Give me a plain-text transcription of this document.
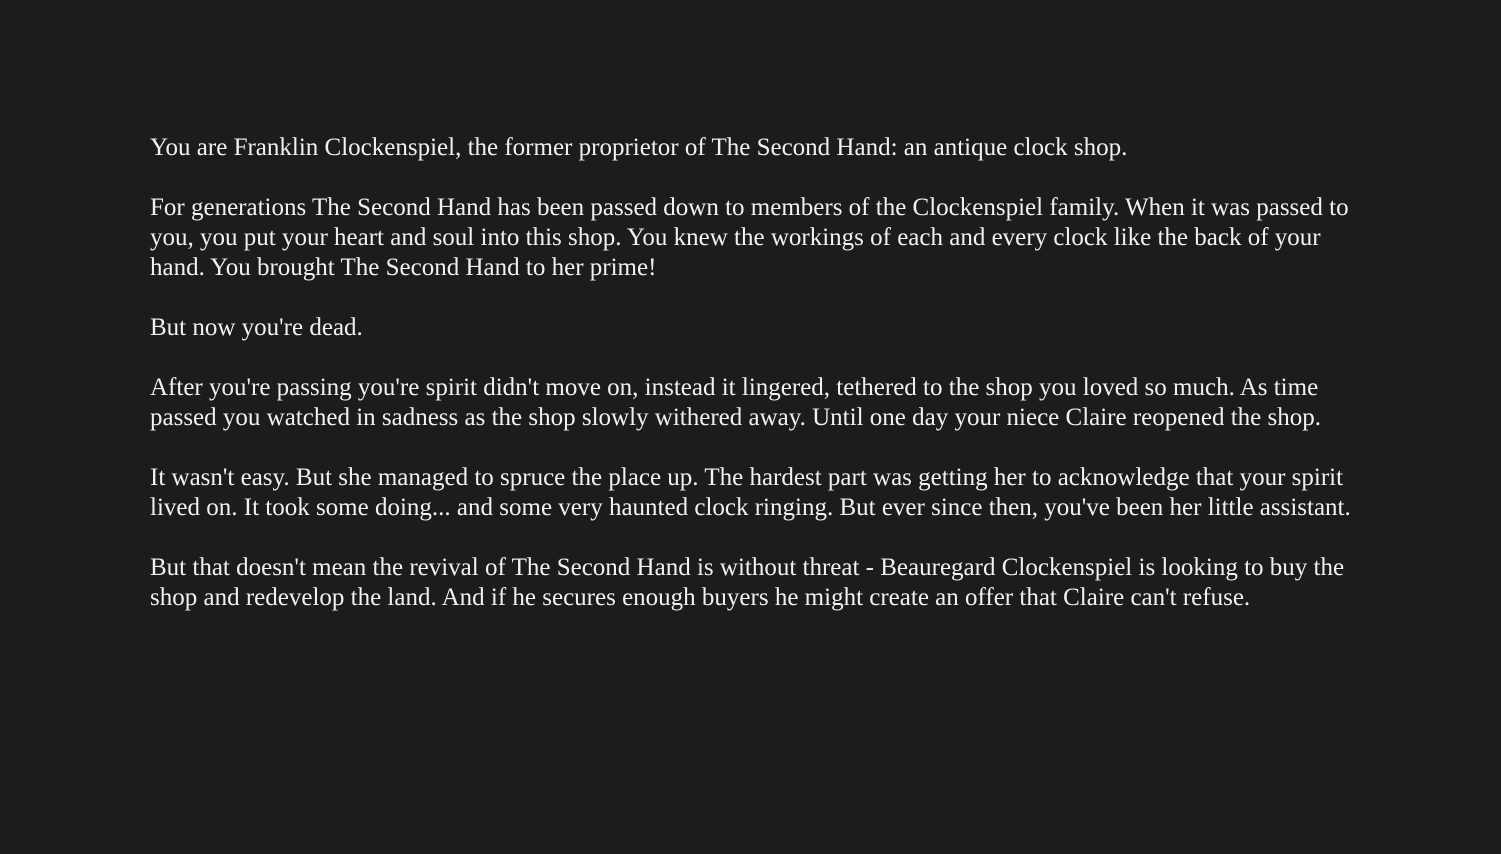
You are Franklin Clockenspiel, the former proprietor of The Second Hand: an antique clock shop.

For generations The Second Hand has been passed down to members of the Clockenspiel family. When it was passed to you, you put your heart and soul into this shop. You knew the workings of each and every clock like the back of your hand. You brought The Second Hand to her prime!

But now you're dead.

After you're passing you're spirit didn't move on, instead it lingered, tethered to the shop you loved so much. As time passed you watched in sadness as the shop slowly withered away. Until one day your niece Claire reopened the shop.

It wasn't easy. But she managed to spruce the place up. The hardest part was getting her to acknowledge that your spirit lived on. It took some doing... and some very haunted clock ringing. But ever since then, you've been her little assistant.

But that doesn't mean the revival of The Second Hand is without threat - Beauregard Clockenspiel is looking to buy the shop and redevelop the land. And if he secures enough buyers he might create an offer that Claire can't refuse.
